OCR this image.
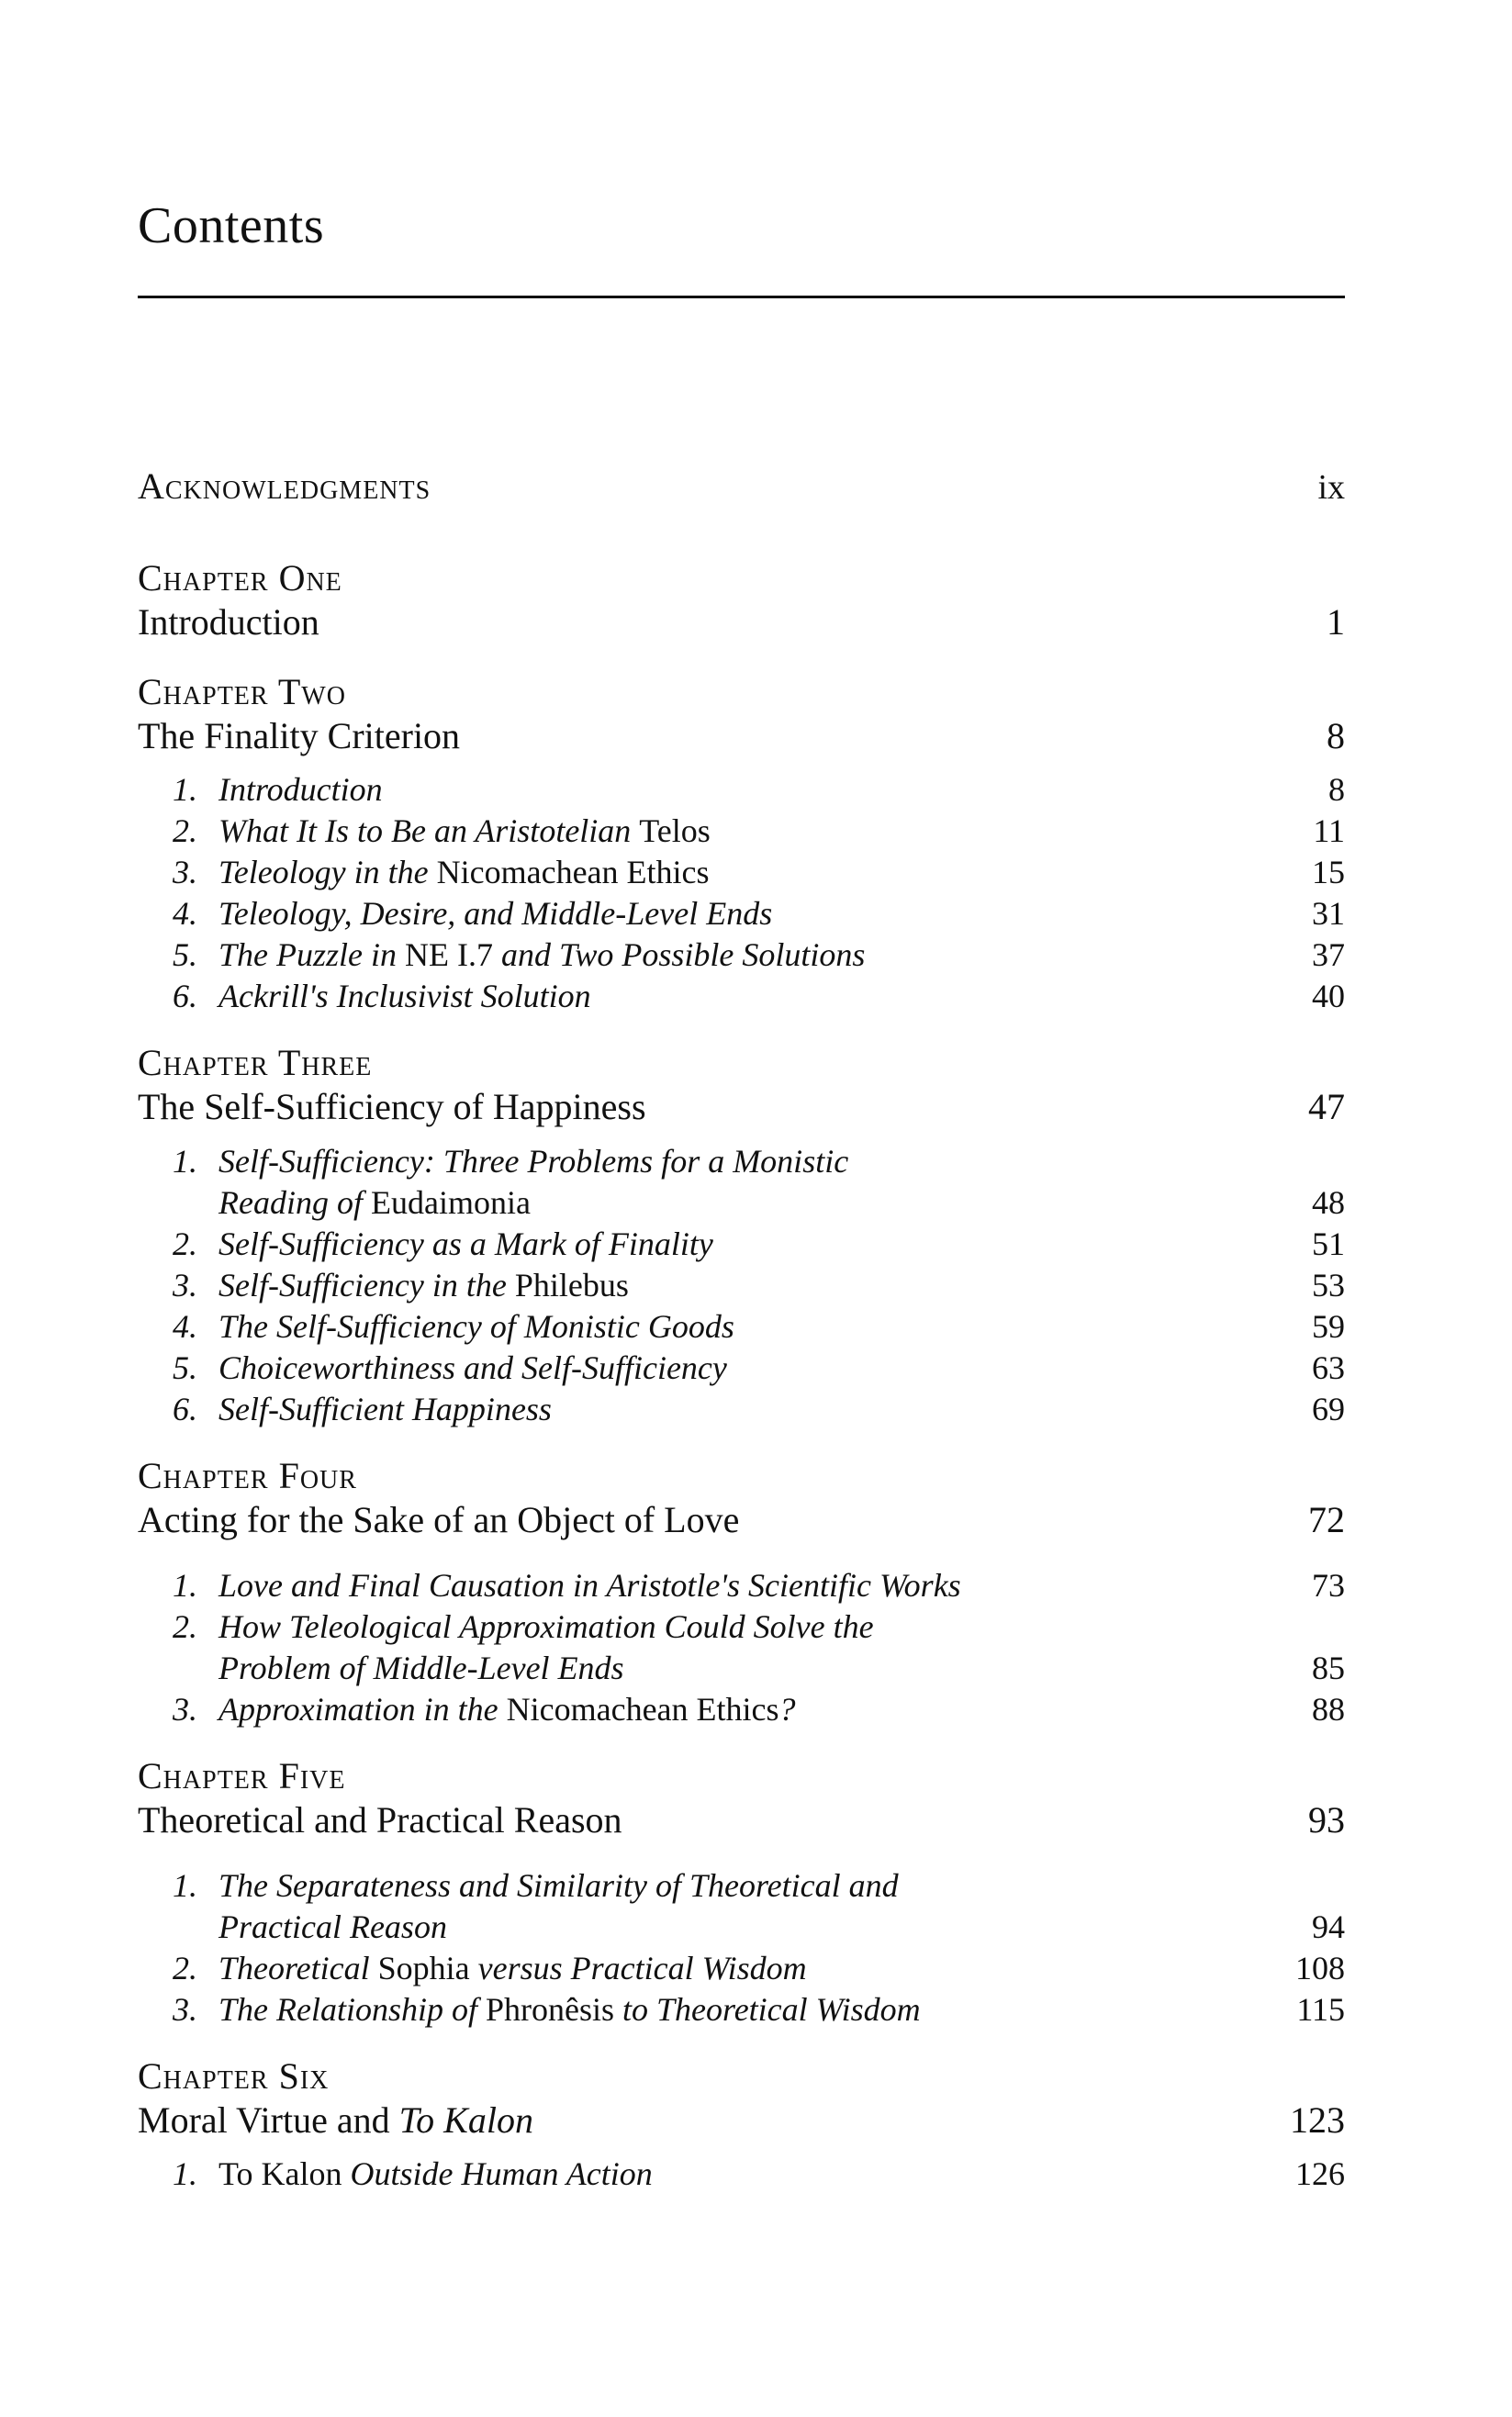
Contents
Acknowledgments	ix
Chapter One
Introduction	1
Chapter Two
The Finality Criterion	8
1. Introduction	8
2. What It Is to Be an Aristotelian Telos	11
3. Teleology in the Nicomachean Ethics	15
4. Teleology, Desire, and Middle-Level Ends	31
5. The Puzzle in NE I.7 and Two Possible Solutions	37
6. Ackrill's Inclusivist Solution	40
Chapter Three
The Self-Sufficiency of Happiness	47
1. Self-Sufficiency: Three Problems for a Monistic
Reading of Eudaimonia	48
2. Self-Sufficiency as a Mark of Finality	51
3. Self-Sufficiency in the Philebus	53
4. The Self-Sufficiency of Monistic Goods	59
5. Choiceworthiness and Self-Sufficiency	63
6. Self-Sufficient Happiness	69
Chapter Four
Acting for the Sake of an Object of Love	72
1. Love and Final Causation in Aristotle's Scientific Works	73
2. How Teleological Approximation Could Solve the
Problem of Middle-Level Ends	85
3. Approximation in the Nicomachean Ethics?	88
Chapter Five
Theoretical and Practical Reason	93
1. The Separateness and Similarity of Theoretical and
Practical Reason	94
2. Theoretical Sophia versus Practical Wisdom	108
3. The Relationship of Phronêsis to Theoretical Wisdom	115
Chapter Six
Moral Virtue and To Kalon	123
1. To Kalon Outside Human Action	126
